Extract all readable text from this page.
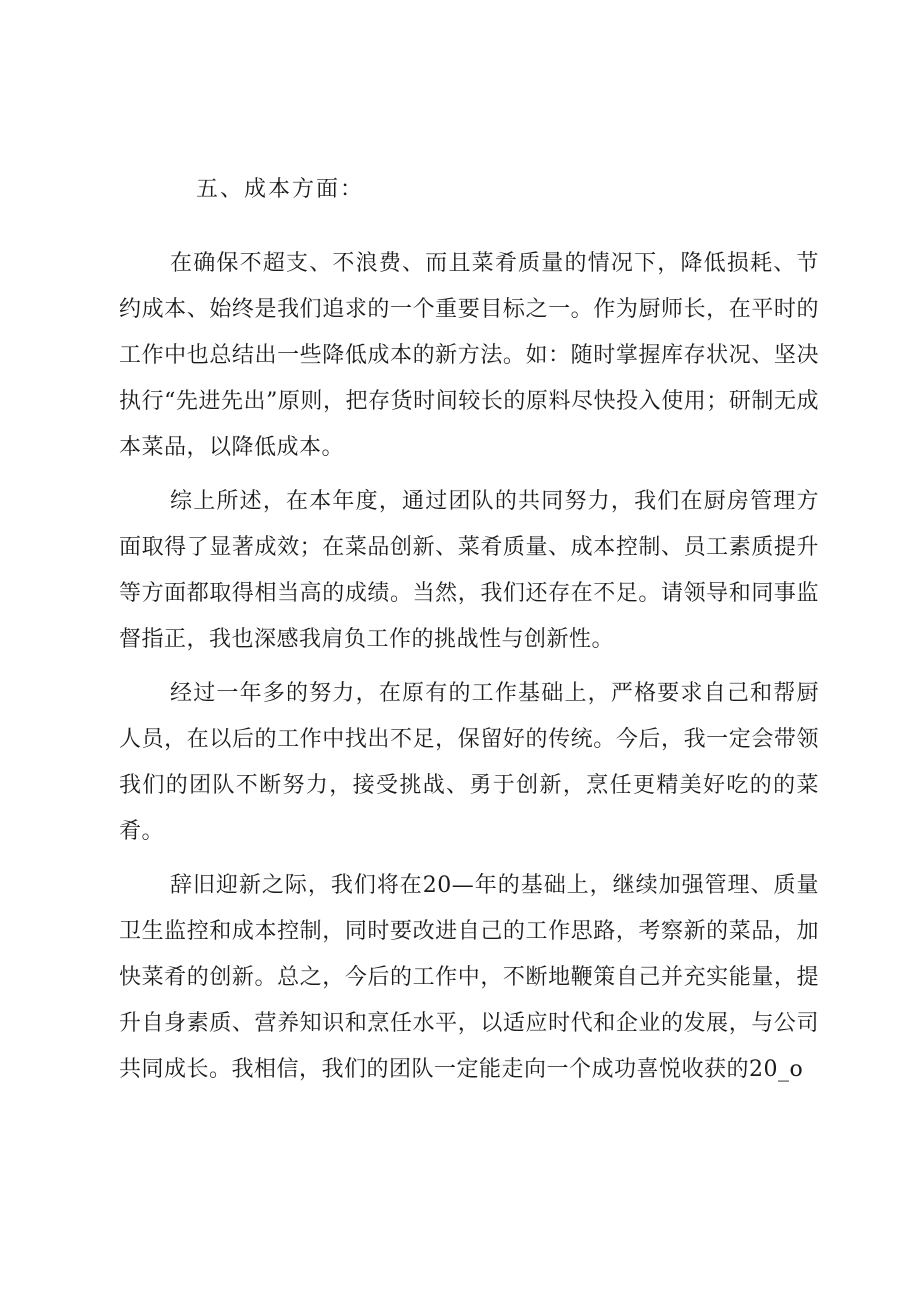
五、成本方面：

在确保不超支、不浪费、而且菜肴质量的情况下，降低损耗、节约成本、始终是我们追求的一个重要目标之一。作为厨师长，在平时的工作中也总结出一些降低成本的新方法。如：随时掌握库存状况、坚决执行“先进先出”原则，把存货时间较长的原料尽快投入使用；研制无成本菜品，以降低成本。

综上所述，在本年度，通过团队的共同努力，我们在厨房管理方面取得了显著成效；在菜品创新、菜肴质量、成本控制、员工素质提升等方面都取得相当高的成绩。当然，我们还存在不足。请领导和同事监督指正，我也深感我肩负工作的挑战性与创新性。

经过一年多的努力，在原有的工作基础上，严格要求自己和帮厨人员，在以后的工作中找出不足，保留好的传统。今后，我一定会带领我们的团队不断努力，接受挑战、勇于创新，烹任更精美好吃的的菜肴。

辞旧迎新之际，我们将在20—年的基础上，继续加强管理、质量卫生监控和成本控制，同时要改进自己的工作思路，考察新的菜品，加快菜肴的创新。总之，今后的工作中，不断地鞭策自己并充实能量，提升自身素质、营养知识和烹任水平，以适应时代和企业的发展，与公司共同成长。我相信，我们的团队一定能走向一个成功喜悦收获的20_o
